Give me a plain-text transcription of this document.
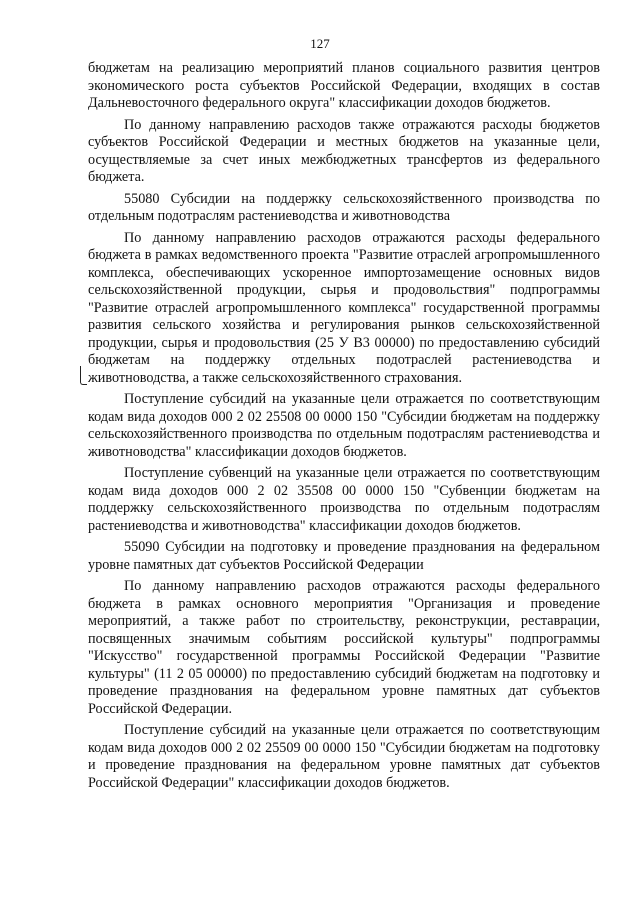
127

бюджетам на реализацию мероприятий планов социального развития центров экономического роста субъектов Российской Федерации, входящих в состав Дальневосточного федерального округа" классификации доходов бюджетов.

По данному направлению расходов также отражаются расходы бюджетов субъектов Российской Федерации и местных бюджетов на указанные цели, осуществляемые за счет иных межбюджетных трансфертов из федерального бюджета.

55080 Субсидии на поддержку сельскохозяйственного производства по отдельным подотраслям растениеводства и животноводства

По данному направлению расходов отражаются расходы федерального бюджета в рамках ведомственного проекта "Развитие отраслей агропромышленного комплекса, обеспечивающих ускоренное импортозамещение основных видов сельскохозяйственной продукции, сырья и продовольствия" подпрограммы "Развитие отраслей агропромышленного комплекса" государственной программы развития сельского хозяйства и регулирования рынков сельскохозяйственной продукции, сырья и продовольствия (25 У В3 00000) по предоставлению субсидий бюджетам на поддержку отдельных подотраслей растениеводства и животноводства, а также сельскохозяйственного страхования.

Поступление субсидий на указанные цели отражается по соответствующим кодам вида доходов 000 2 02 25508 00 0000 150 "Субсидии бюджетам на поддержку сельскохозяйственного производства по отдельным подотраслям растениеводства и животноводства" классификации доходов бюджетов.

Поступление субвенций на указанные цели отражается по соответствующим кодам вида доходов 000 2 02 35508 00 0000 150 "Субвенции бюджетам на поддержку сельскохозяйственного производства по отдельным подотраслям растениеводства и животноводства" классификации доходов бюджетов.

55090 Субсидии на подготовку и проведение празднования на федеральном уровне памятных дат субъектов Российской Федерации

По данному направлению расходов отражаются расходы федерального бюджета в рамках основного мероприятия "Организация и проведение мероприятий, а также работ по строительству, реконструкции, реставрации, посвященных значимым событиям российской культуры" подпрограммы "Искусство" государственной программы Российской Федерации "Развитие культуры" (11 2 05 00000) по предоставлению субсидий бюджетам на подготовку и проведение празднования на федеральном уровне памятных дат субъектов Российской Федерации.

Поступление субсидий на указанные цели отражается по соответствующим кодам вида доходов 000 2 02 25509 00 0000 150 "Субсидии бюджетам на подготовку и проведение празднования на федеральном уровне памятных дат субъектов Российской Федерации" классификации доходов бюджетов.
